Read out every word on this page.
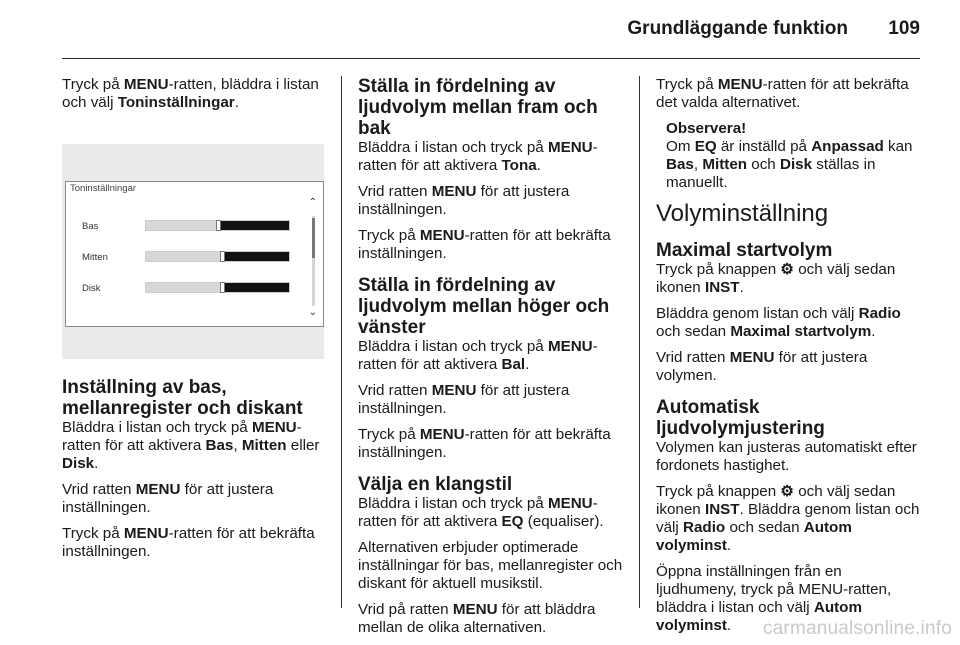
Grundläggande funktion 109

Tryck på MENU-ratten, bläddra i listan och välj Toninställningar.

Toninställningar
⌃
Bas
Mitten
Disk
⌄
Inställning av bas, mellanregister och diskant

Bläddra i listan och tryck på MENU-ratten för att aktivera Bas, Mitten eller Disk.

Vrid ratten MENU för att justera inställningen.

Tryck på MENU-ratten för att bekräfta inställningen.

Ställa in fördelning av ljudvolym mellan fram och bak

Bläddra i listan och tryck på MENU-ratten för att aktivera Tona.

Vrid ratten MENU för att justera inställningen.

Tryck på MENU-ratten för att bekräfta inställningen.

Ställa in fördelning av ljudvolym mellan höger och vänster

Bläddra i listan och tryck på MENU-ratten för att aktivera Bal.

Vrid ratten MENU för att justera inställningen.

Tryck på MENU-ratten för att bekräfta inställningen.

Välja en klangstil

Bläddra i listan och tryck på MENU-ratten för att aktivera EQ (equaliser).

Alternativen erbjuder optimerade inställningar för bas, mellanregister och diskant för aktuell musikstil.

Vrid på ratten MENU för att bläddra mellan de olika alternativen.

Tryck på MENU-ratten för att bekräfta det valda alternativet.

Observera!
Om EQ är inställd på Anpassad kan Bas, Mitten och Disk ställas in manuellt.
Volyminställning
Maximal startvolym

Tryck på knappen ⚙ och välj sedan ikonen INST.

Bläddra genom listan och välj Radio och sedan Maximal startvolym.

Vrid ratten MENU för att justera volymen.

Automatisk ljudvolymjustering

Volymen kan justeras automatiskt efter fordonets hastighet.

Tryck på knappen ⚙ och välj sedan ikonen INST. Bläddra genom listan och välj Radio och sedan Autom volyminst.

Öppna inställningen från en ljudhumeny, tryck på MENU-ratten, bläddra i listan och välj Autom volyminst.	carmanualsonline.info
